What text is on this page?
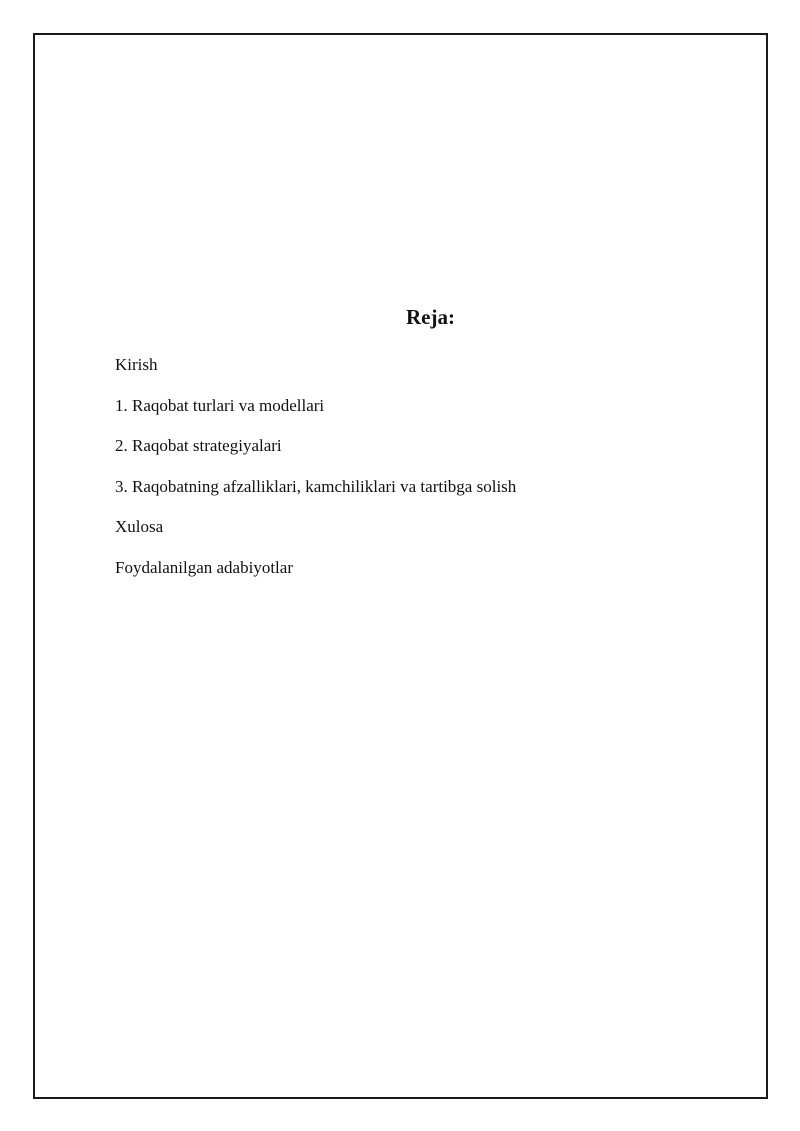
Reja:
Kirish
1. Raqobat turlari va modellari
2. Raqobat strategiyalari
3. Raqobatning afzalliklari, kamchiliklari va tartibga solish
Xulosa
Foydalanilgan adabiyotlar
